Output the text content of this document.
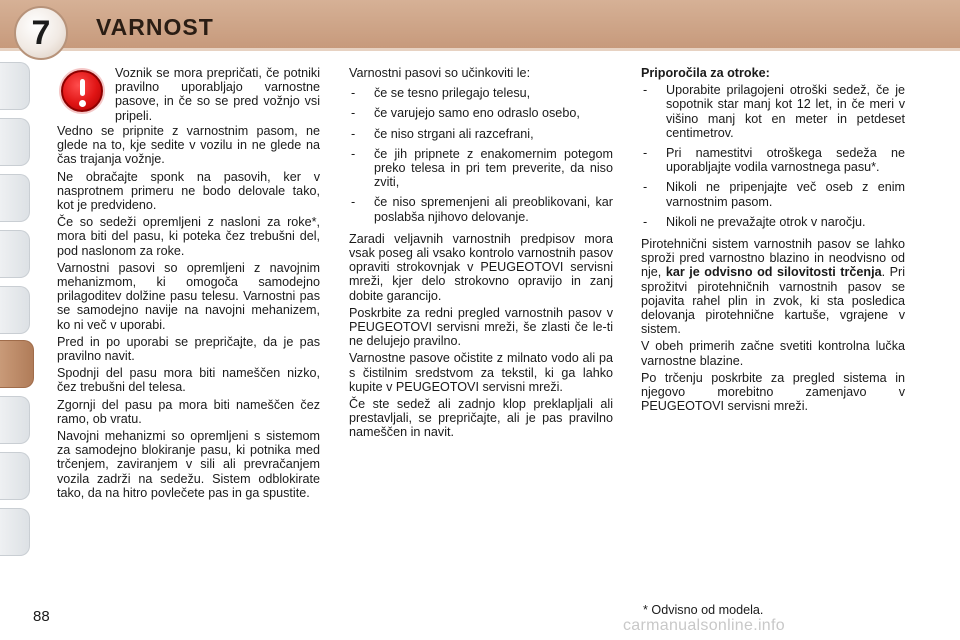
7 VARNOST

Voznik se mora prepričati, če potniki pravilno uporabljajo varnostne pasove, in če so se pred vožnjo vsi pripeli.

Vedno se pripnite z varnostnim pasom, ne glede na to, kje sedite v vozilu in ne glede na čas trajanja vožnje.

Ne obračajte sponk na pasovih, ker v nasprotnem primeru ne bodo delovale tako, kot je predvideno.

Če so sedeži opremljeni z nasloni za roke*, mora biti del pasu, ki poteka čez trebušni del, pod naslonom za roke.

Varnostni pasovi so opremljeni z navojnim mehanizmom, ki omogoča samodejno prilagoditev dolžine pasu telesu. Varnostni pas se samodejno navije na navojni mehanizem, ko ni več v uporabi.

Pred in po uporabi se prepričajte, da je pas pravilno navit.

Spodnji del pasu mora biti nameščen nizko, čez trebušni del telesa.

Zgornji del pasu pa mora biti nameščen čez ramo, ob vratu.

Navojni mehanizmi so opremljeni s sistemom za samodejno blokiranje pasu, ki potnika med trčenjem, zaviranjem v sili ali prevračanjem vozila zadrži na sedežu. Sistem odblokirate tako, da na hitro povlečete pas in ga spustite.

Varnostni pasovi so učinkoviti le:

- če se tesno prilegajo telesu,
- če varujejo samo eno odraslo osebo,
- če niso strgani ali razcefrani,
- če jih pripnete z enakomernim potegom preko telesa in pri tem preverite, da niso zviti,
- če niso spremenjeni ali preoblikovani, kar poslabša njihovo delovanje.

Zaradi veljavnih varnostnih predpisov mora vsak poseg ali vsako kontrolo varnostnih pasov opraviti strokovnjak v PEUGEOTOVI servisni mreži, kjer delo strokovno opravijo in zanj dobite garancijo.

Poskrbite za redni pregled varnostnih pasov v PEUGEOTOVI servisni mreži, še zlasti če le-ti ne delujejo pravilno.

Varnostne pasove očistite z milnato vodo ali pa s čistilnim sredstvom za tekstil, ki ga lahko kupite v PEUGEOTOVI servisni mreži.

Če ste sedež ali zadnjo klop preklapljali ali prestavljali, se prepričajte, ali je pas pravilno nameščen in navit.

Priporočila za otroke:

- Uporabite prilagojeni otroški sedež, če je sopotnik star manj kot 12 let, in če meri v višino manj kot en meter in petdeset centimetrov.
- Pri namestitvi otroškega sedeža ne uporabljajte vodila varnostnega pasu*.
- Nikoli ne pripenjajte več oseb z enim varnostnim pasom.
- Nikoli ne prevažajte otrok v naročju.

Pirotehnični sistem varnostnih pasov se lahko sproži pred varnostno blazino in neodvisno od nje, kar je odvisno od silovitosti trčenja. Pri sprožitvi pirotehničnih varnostnih pasov se pojavita rahel plin in zvok, ki sta posledica delovanja pirotehnične kartuše, vgrajene v sistem.

V obeh primerih začne svetiti kontrolna lučka varnostne blazine.

Po trčenju poskrbite za pregled sistema in njegovo morebitno zamenjavo v PEUGEOTOVI servisni mreži.

* Odvisno od modela.
88
carmanualsonline.info
